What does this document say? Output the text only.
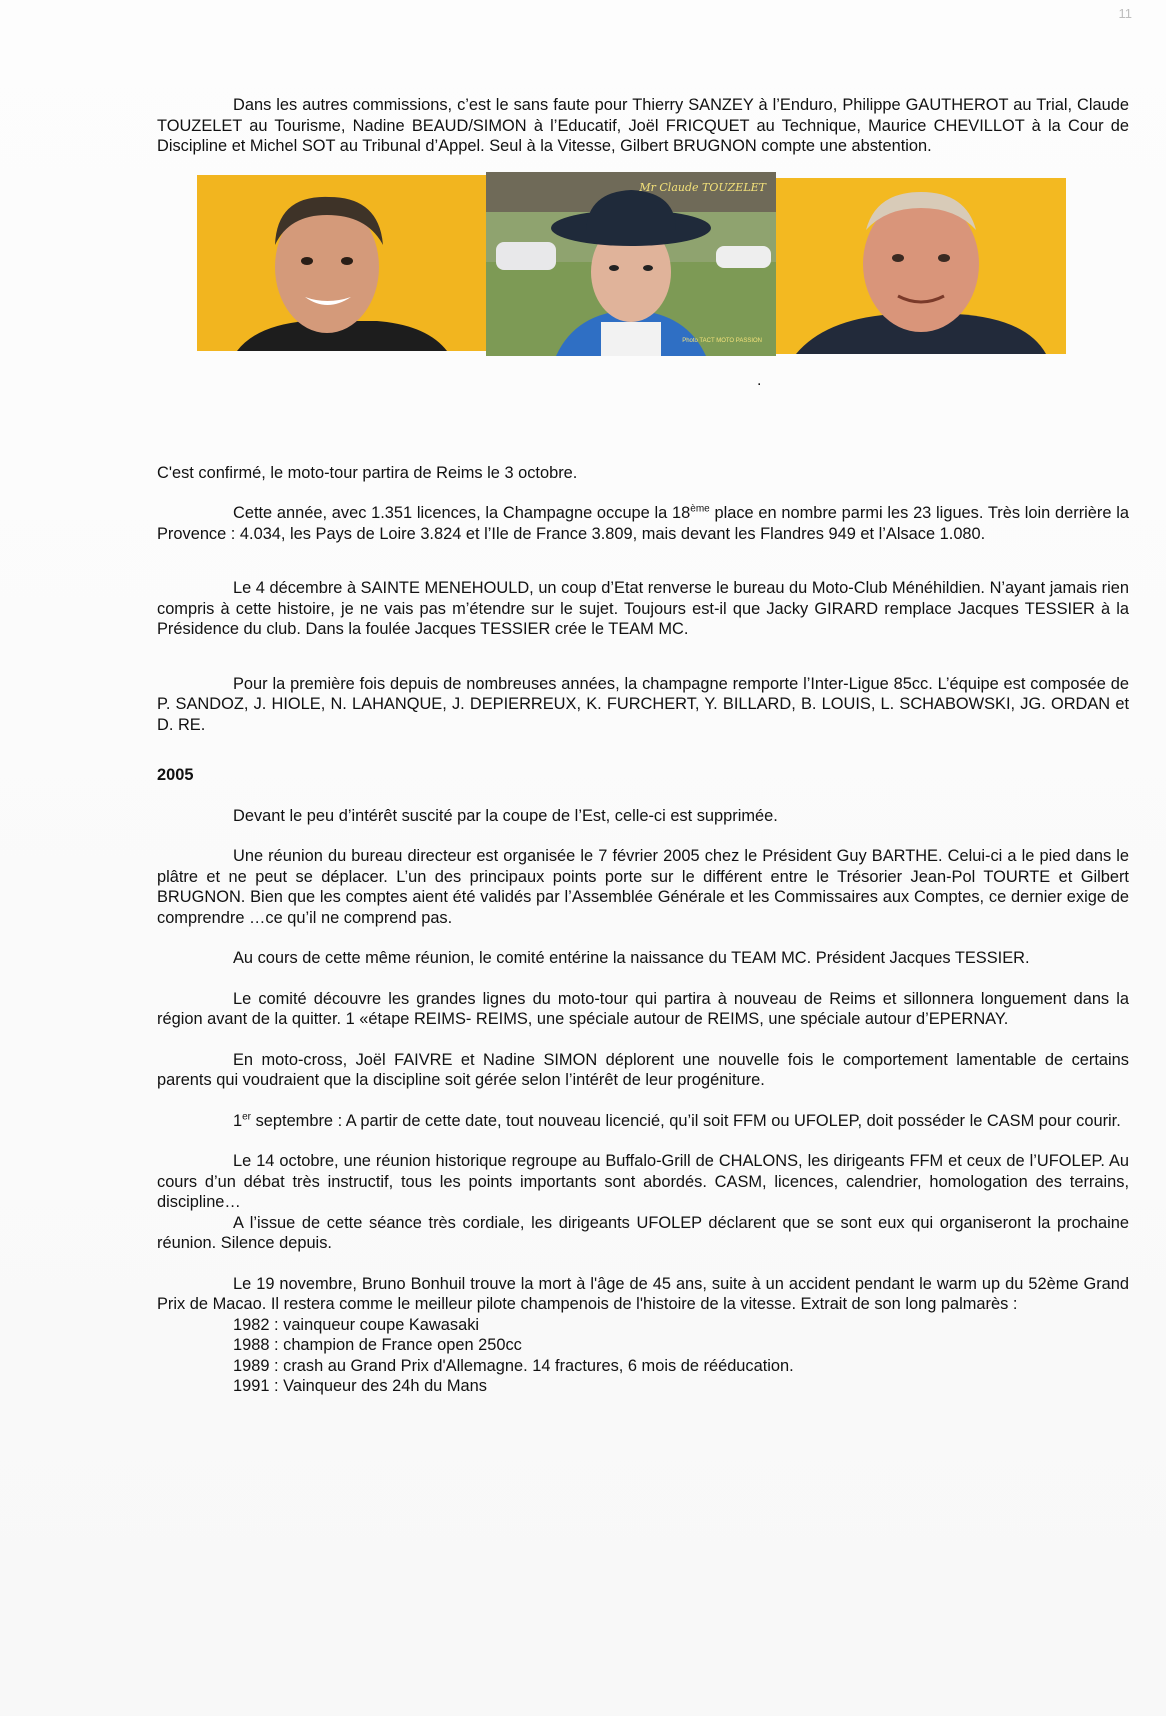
11

Dans les autres commissions, c’est le sans faute pour Thierry SANZEY à l’Enduro, Philippe GAUTHEROT au Trial, Claude TOUZELET au Tourisme, Nadine BEAUD/SIMON à l’Educatif, Joël FRICQUET au Technique, Maurice CHEVILLOT à la Cour de Discipline et Michel SOT au Tribunal d’Appel. Seul à la Vitesse, Gilbert BRUGNON compte une abstention.

Mr Claude TOUZELET
Photo TACT MOTO PASSION
.

C'est confirmé, le moto-tour partira de Reims le 3 octobre.

Cette année, avec 1.351 licences, la Champagne occupe la 18ème place en nombre parmi les 23 ligues. Très loin derrière la Provence : 4.034, les Pays de Loire 3.824 et l’Ile de France 3.809, mais devant les Flandres 949 et l’Alsace 1.080.

Le 4 décembre à SAINTE MENEHOULD, un coup d’Etat renverse le bureau du Moto-Club Ménéhildien. N’ayant jamais rien compris à cette histoire, je ne vais pas m’étendre sur le sujet. Toujours est-il que Jacky GIRARD remplace Jacques TESSIER à la Présidence du club. Dans la foulée Jacques TESSIER crée le TEAM MC.

Pour la première fois depuis de nombreuses années, la champagne remporte l’Inter-Ligue 85cc. L’équipe est composée de P. SANDOZ, J. HIOLE, N. LAHANQUE, J. DEPIERREUX, K. FURCHERT, Y. BILLARD, B. LOUIS, L. SCHABOWSKI, JG. ORDAN et D. RE.

2005

Devant le peu d’intérêt suscité par la coupe de l’Est, celle-ci est supprimée.

Une réunion du bureau directeur est organisée le 7 février 2005 chez le Président Guy BARTHE. Celui-ci a le pied dans le plâtre et ne peut se déplacer. L’un des principaux points porte sur le différent entre le Trésorier Jean-Pol TOURTE et Gilbert BRUGNON. Bien que les comptes aient été validés par l’Assemblée Générale et les Commissaires aux Comptes, ce dernier exige de comprendre …ce qu’il ne comprend pas.

Au cours de cette même réunion, le comité entérine la naissance du TEAM MC. Président Jacques TESSIER.

Le comité découvre les grandes lignes du moto-tour qui partira à nouveau de Reims et sillonnera longuement dans la région avant de la quitter. 1 «étape REIMS- REIMS, une spéciale autour de REIMS, une spéciale autour d’EPERNAY.

En moto-cross, Joël FAIVRE et Nadine SIMON déplorent une nouvelle fois le comportement lamentable de certains parents qui voudraient que la discipline soit gérée selon l’intérêt de leur progéniture.

1er septembre : A partir de cette date, tout nouveau licencié, qu’il soit FFM ou UFOLEP, doit posséder le CASM pour courir.

Le 14 octobre, une réunion historique regroupe au Buffalo-Grill de CHALONS, les dirigeants FFM et ceux de l’UFOLEP. Au cours d’un débat très instructif, tous les points importants sont abordés. CASM, licences, calendrier, homologation des terrains, discipline…

A l’issue de cette séance très cordiale, les dirigeants UFOLEP déclarent que se sont eux qui organiseront la prochaine réunion. Silence depuis.

Le 19 novembre, Bruno Bonhuil trouve la mort à l'âge de 45 ans, suite à un accident pendant le warm up du 52ème Grand Prix de Macao. Il restera comme le meilleur pilote champenois de l'histoire de la vitesse. Extrait de son long palmarès :

1982 : vainqueur coupe Kawasaki
1988 : champion de France open 250cc
1989 : crash au Grand Prix d'Allemagne. 14 fractures, 6 mois de rééducation.
1991 : Vainqueur des 24h du Mans
